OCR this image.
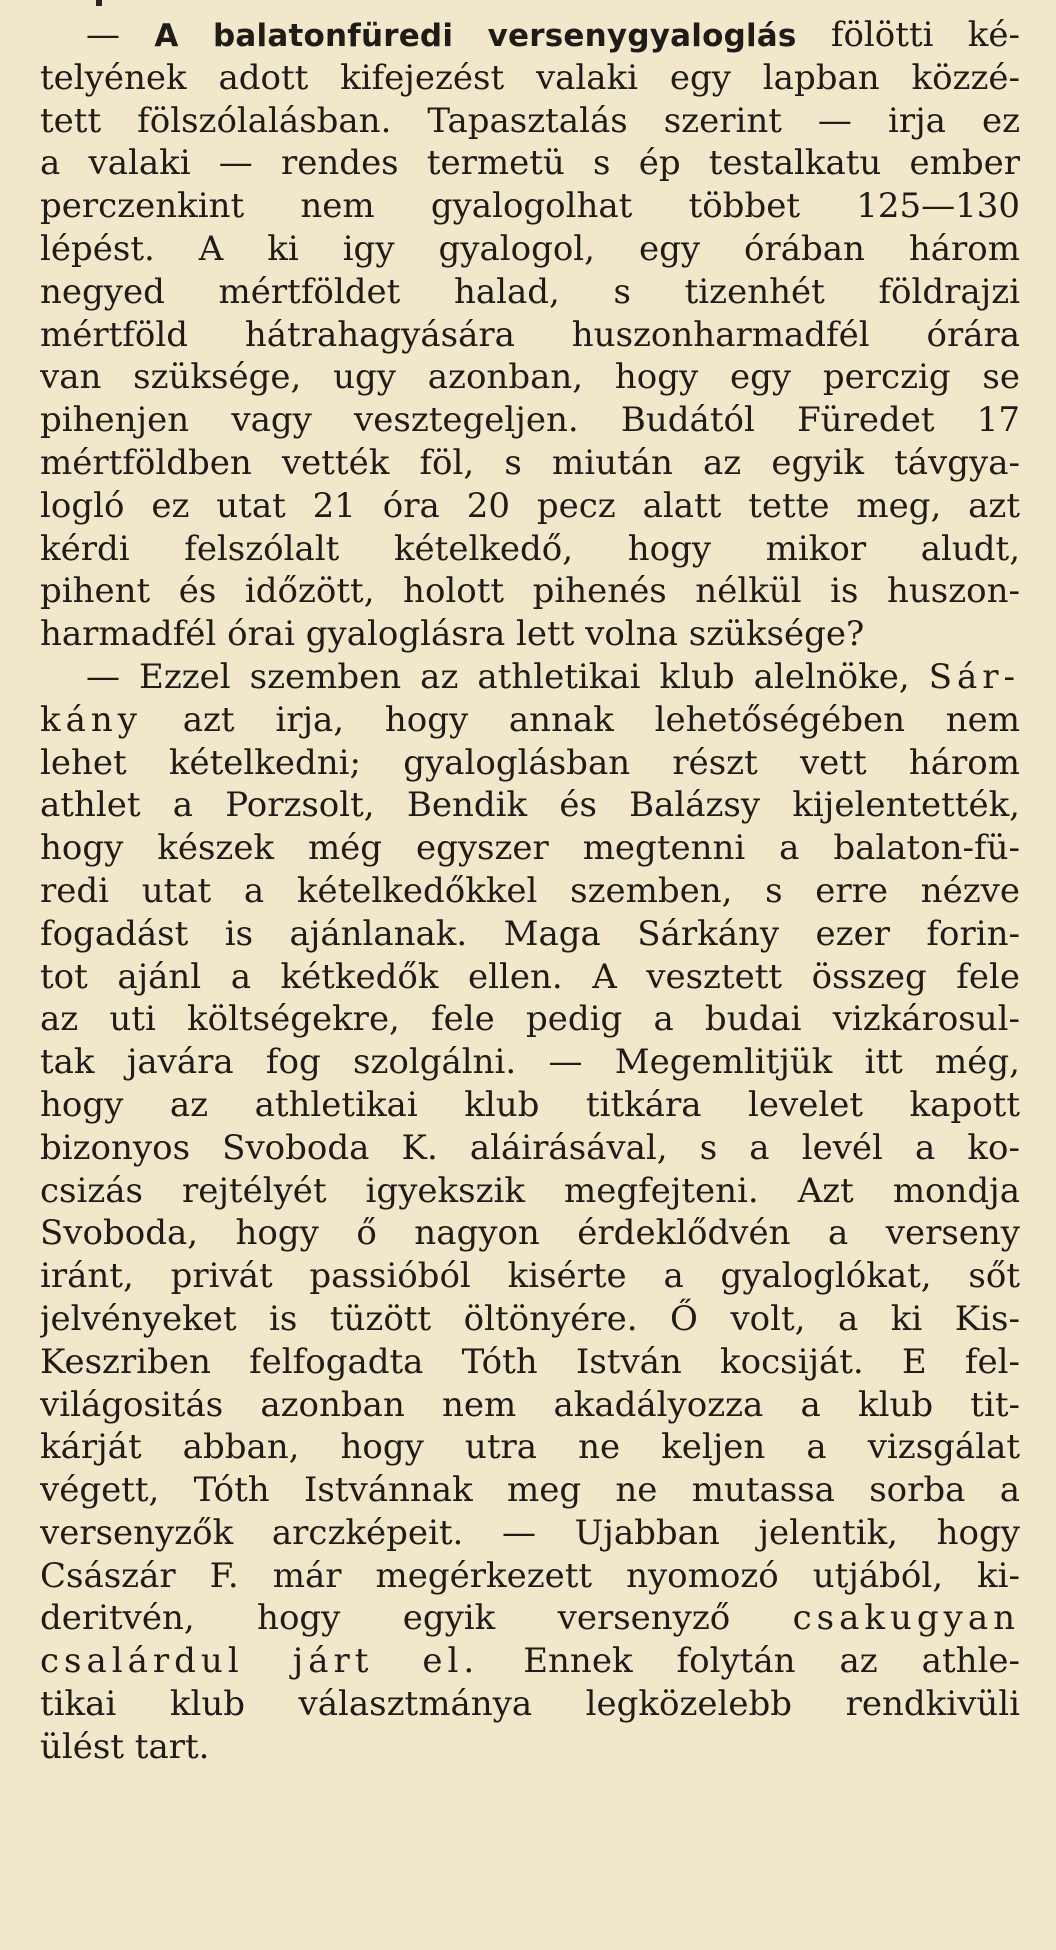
— A balatonfüredi versenygyaloglás fölötti ké-
telyének adott kifejezést valaki egy lapban közzé-
tett fölszólalásban. Tapasztalás szerint — irja ez
a valaki — rendes termetü s ép testalkatu ember
perczenkint nem gyalogolhat többet 125—130
lépést. A ki igy gyalogol, egy órában három
negyed mértföldet halad, s tizenhét földrajzi
mértföld hátrahagyására huszonharmadfél órára
van szüksége, ugy azonban, hogy egy perczig se
pihenjen vagy vesztegeljen. Budától Füredet 17
mértföldben vették föl, s miután az egyik távgya-
logló ez utat 21 óra 20 pecz alatt tette meg, azt
kérdi felszólalt kételkedő, hogy mikor aludt,
pihent és időzött, holott pihenés nélkül is huszon-
harmadfél órai gyaloglásra lett volna szüksége?
— Ezzel szemben az athletikai klub alelnöke, Sár-
kány azt irja, hogy annak lehetőségében nem
lehet kételkedni; gyaloglásban részt vett három
athlet a Porzsolt, Bendik és Balázsy kijelentették,
hogy készek még egyszer megtenni a balaton-fü-
redi utat a kételkedőkkel szemben, s erre nézve
fogadást is ajánlanak. Maga Sárkány ezer forin-
tot ajánl a kétkedők ellen. A vesztett összeg fele
az uti költségekre, fele pedig a budai vizkárosul-
tak javára fog szolgálni. — Megemlitjük itt még,
hogy az athletikai klub titkára levelet kapott
bizonyos Svoboda K. aláirásával, s a levél a ko-
csizás rejtélyét igyekszik megfejteni. Azt mondja
Svoboda, hogy ő nagyon érdeklődvén a verseny
iránt, privát passióból kisérte a gyaloglókat, sőt
jelvényeket is tüzött öltönyére. Ő volt, a ki Kis-
Keszriben felfogadta Tóth István kocsiját. E fel-
világositás azonban nem akadályozza a klub tit-
kárját abban, hogy utra ne keljen a vizsgálat
végett, Tóth Istvánnak meg ne mutassa sorba a
versenyzők arczképeit. — Ujabban jelentik, hogy
Császár F. már megérkezett nyomozó utjából, ki-
deritvén, hogy egyik versenyző csakugyan
csalárdul járt el. Ennek folytán az athle-
tikai klub választmánya legközelebb rendkivüli
ülést tart.
